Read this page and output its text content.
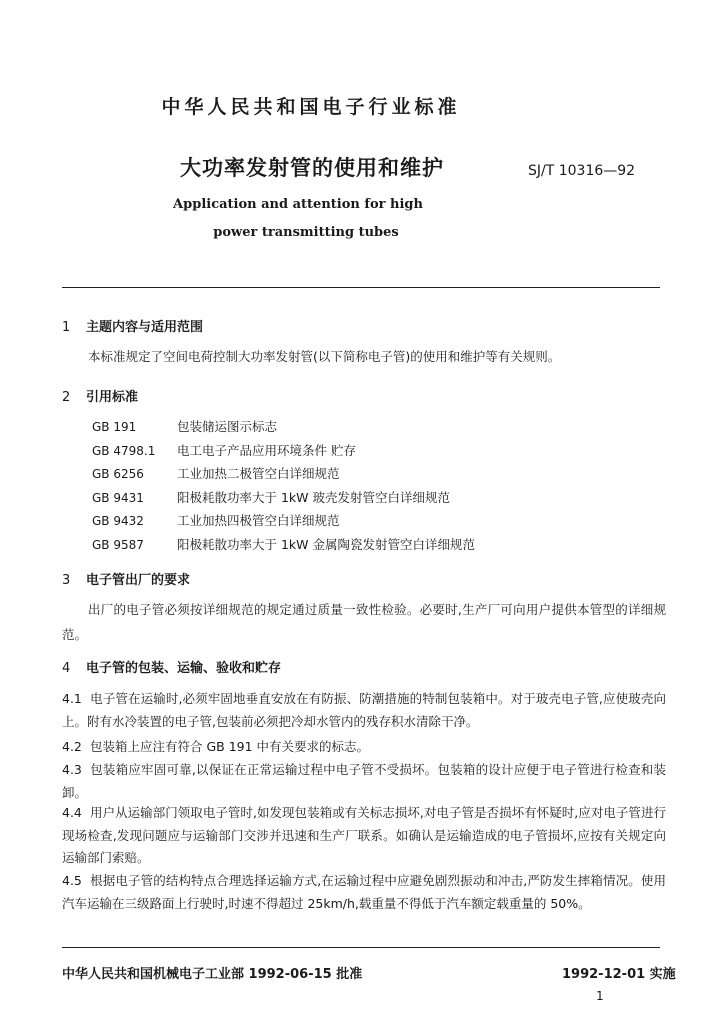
中华人民共和国电子行业标准
大功率发射管的使用和维护	SJ/T 10316—92
Application and attention for high
power transmitting tubes
1 主题内容与适用范围
本标准规定了空间电荷控制大功率发射管(以下简称电子管)的使用和维护等有关规则。
2 引用标准
GB 191	包装储运图示标志
GB 4798.1 电工电子产品应用环境条件 贮存
GB 6256	工业加热二极管空白详细规范
GB 9431	阳极耗散功率大于 1kW 玻壳发射管空白详细规范
GB 9432	工业加热四极管空白详细规范
GB 9587	阳极耗散功率大于 1kW 金属陶瓷发射管空白详细规范
3 电子管出厂的要求
出厂的电子管必须按详细规范的规定通过质量一致性检验。必要时,生产厂可向用户提供本管型的详细规范。
4 电子管的包装、运输、验收和贮存
4.1 电子管在运输时,必须牢固地垂直安放在有防振、防潮措施的特制包装箱中。对于玻壳电子管,应使玻壳向上。附有水冷装置的电子管,包装前必须把冷却水管内的残存积水清除干净。
4.2 包装箱上应注有符合 GB 191 中有关要求的标志。
4.3 包装箱应牢固可靠,以保证在正常运输过程中电子管不受损坏。包装箱的设计应便于电子管进行检查和装卸。
4.4 用户从运输部门领取电子管时,如发现包装箱或有关标志损坏,对电子管是否损坏有怀疑时,应对电子管进行现场检查,发现问题应与运输部门交涉并迅速和生产厂联系。如确认是运输造成的电子管损坏,应按有关规定向运输部门索赔。
4.5 根据电子管的结构特点合理选择运输方式,在运输过程中应避免剧烈振动和冲击,严防发生摔箱情况。使用汽车运输在三级路面上行驶时,时速不得超过 25km/h,载重量不得低于汽车额定载重量的 50%。
中华人民共和国机械电子工业部 1992-06-15 批准	1992-12-01 实施
1
